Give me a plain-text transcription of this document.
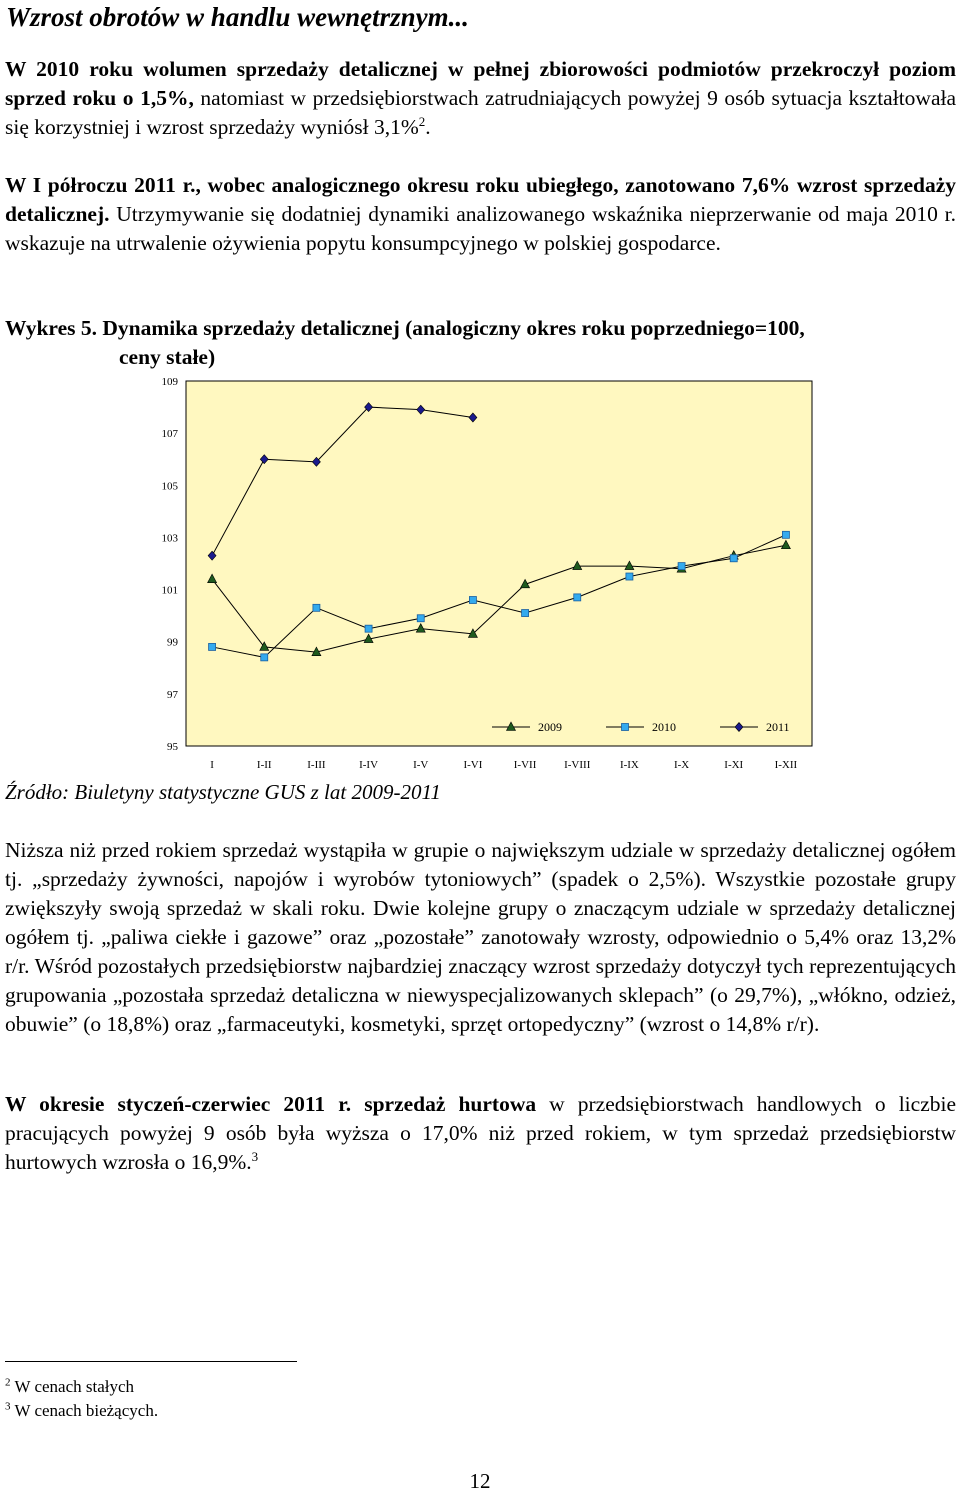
Wzrost obrotów w handlu wewnętrznym...
W 2010 roku wolumen sprzedaży detalicznej w pełnej zbiorowości podmiotów przekroczył poziom sprzed roku o 1,5%, natomiast w przedsiębiorstwach zatrudniających powyżej 9 osób sytuacja kształtowała się korzystniej i wzrost sprzedaży wyniósł 3,1%$^2$.
W I półroczu 2011 r., wobec analogicznego okresu roku ubiegłego, zanotowano 7,6% wzrost sprzedaży detalicznej. Utrzymywanie się dodatniej dynamiki analizowanego wskaźnika nieprzerwanie od maja 2010 r. wskazuje na utrwalenie ożywienia popytu konsumpcyjnego w polskiej gospodarce.
Wykres 5. Dynamika sprzedaży detalicznej (analogiczny okres roku poprzedniego=100,
ceny stałe)
95
97
99
101
103
105
107
109
I	I-II	I-III	I-IV	I-V	I-VI	I-VII	I-VIII	I-IX	I-X	I-XI	I-XII
2009	2010	2011
Źródło: Biuletyny statystyczne GUS z lat 2009-2011
Niższa niż przed rokiem sprzedaż wystąpiła w grupie o największym udziale w sprzedaży detalicznej ogółem tj. „sprzedaży żywności, napojów i wyrobów tytoniowych” (spadek o 2,5%). Wszystkie pozostałe grupy zwiększyły swoją sprzedaż w skali roku. Dwie kolejne grupy o znaczącym udziale w sprzedaży detalicznej ogółem tj. „paliwa ciekłe i gazowe” oraz „pozostałe” zanotowały wzrosty, odpowiednio o 5,4% oraz 13,2% r/r. Wśród pozostałych przedsiębiorstw najbardziej znaczący wzrost sprzedaży dotyczył tych reprezentujących grupowania „pozostała sprzedaż detaliczna w niewyspecjalizowanych sklepach” (o 29,7%), „włókno, odzież, obuwie” (o 18,8%) oraz „farmaceutyki, kosmetyki, sprzęt ortopedyczny” (wzrost o 14,8% r/r).
W okresie styczeń-czerwiec 2011 r. sprzedaż hurtowa w przedsiębiorstwach handlowych o liczbie pracujących powyżej 9 osób była wyższa o 17,0% niż przed rokiem, w tym sprzedaż przedsiębiorstw hurtowych wzrosła o 16,9%.$^3$
$^2$ W cenach stałych
$^3$ W cenach bieżących.
12
